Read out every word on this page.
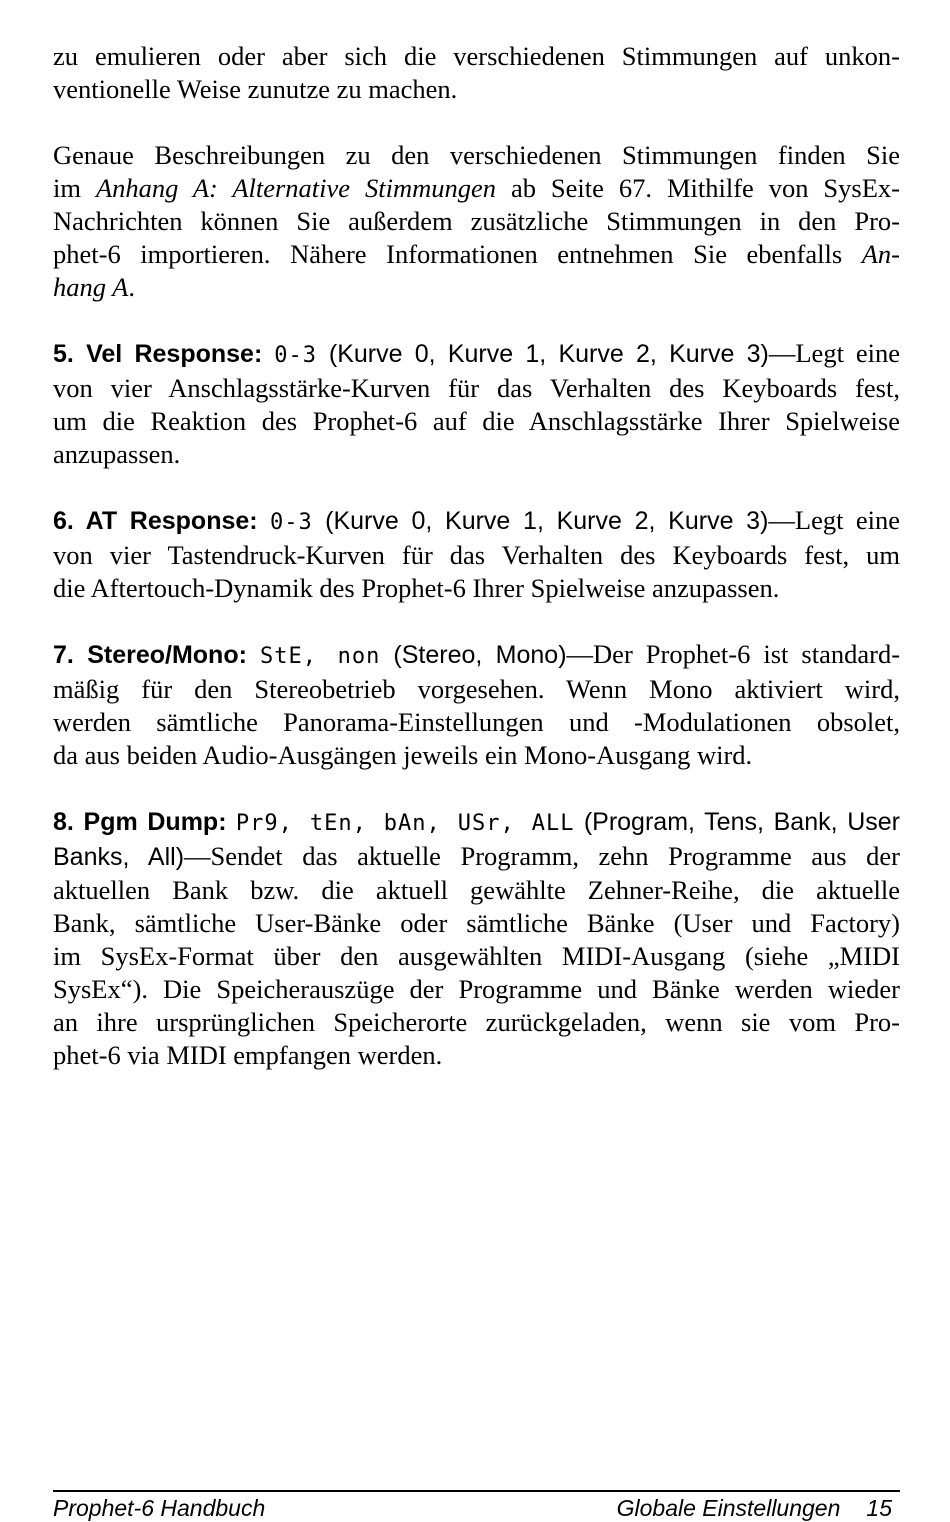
zu emulieren oder aber sich die verschiedenen Stimmungen auf unkon-
ventionelle Weise zunutze zu machen.

Genaue Beschreibungen zu den verschiedenen Stimmungen finden Sie
im Anhang A: Alternative Stimmungen ab Seite 67. Mithilfe von SysEx-
Nachrichten können Sie außerdem zusätzliche Stimmungen in den Pro-
phet-6 importieren. Nähere Informationen entnehmen Sie ebenfalls An-
hang A.

5. Vel Response: 0-3 (Kurve 0, Kurve 1, Kurve 2, Kurve 3)—Legt eine
von vier Anschlagsstärke-Kurven für das Verhalten des Keyboards fest,
um die Reaktion des Prophet-6 auf die Anschlagsstärke Ihrer Spielweise
anzupassen.

6. AT Response: 0-3 (Kurve 0, Kurve 1, Kurve 2, Kurve 3)—Legt eine
von vier Tastendruck-Kurven für das Verhalten des Keyboards fest, um
die Aftertouch-Dynamik des Prophet-6 Ihrer Spielweise anzupassen.

7. Stereo/Mono: StE, non (Stereo, Mono)—Der Prophet-6 ist standard-
mäßig für den Stereobetrieb vorgesehen. Wenn Mono aktiviert wird,
werden sämtliche Panorama-Einstellungen und -Modulationen obsolet,
da aus beiden Audio-Ausgängen jeweils ein Mono-Ausgang wird.

8. Pgm Dump: Pr9, tEn, bAn, USr, ALL (Program, Tens, Bank, User
Banks, All)—Sendet das aktuelle Programm, zehn Programme aus der
aktuellen Bank bzw. die aktuell gewählte Zehner-Reihe, die aktuelle
Bank, sämtliche User-Bänke oder sämtliche Bänke (User und Factory)
im SysEx-Format über den ausgewählten MIDI-Ausgang (siehe „MIDI
SysEx“). Die Speicherauszüge der Programme und Bänke werden wieder
an ihre ursprünglichen Speicherorte zurückgeladen, wenn sie vom Pro-
phet-6 via MIDI empfangen werden.

Prophet-6 Handbuch	Globale Einstellungen 15
